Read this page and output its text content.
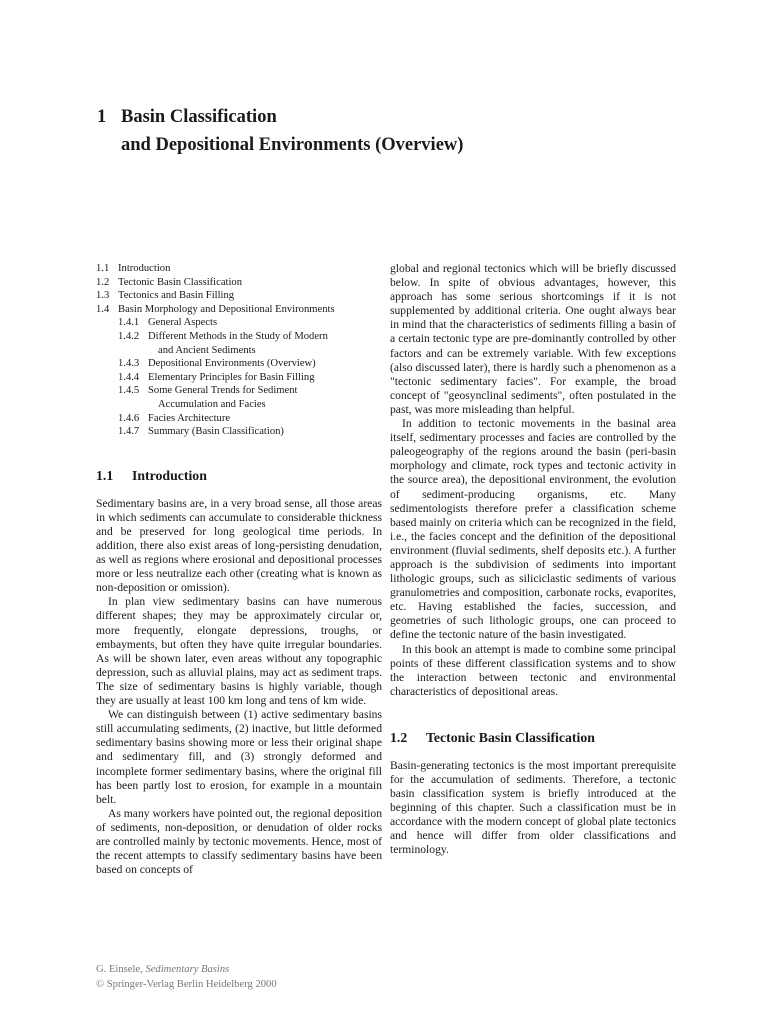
1 Basin Classification
and Depositional Environments (Overview)
1.1 Introduction
1.2 Tectonic Basin Classification
1.3 Tectonics and Basin Filling
1.4 Basin Morphology and Depositional Environments
1.4.1 General Aspects
1.4.2 Different Methods in the Study of Modern
and Ancient Sediments
1.4.3 Depositional Environments (Overview)
1.4.4 Elementary Principles for Basin Filling
1.4.5 Some General Trends for Sediment
Accumulation and Facies
1.4.6 Facies Architecture
1.4.7 Summary (Basin Classification)
1.1 Introduction

Sedimentary basins are, in a very broad sense, all those areas in which sediments can accumulate to considerable thickness and be preserved for long geological time periods. In addition, there also exist areas of long-persisting denudation, as well as regions where erosional and depositional processes more or less neutralize each other (creating what is known as non-deposition or omission).

In plan view sedimentary basins can have numerous different shapes; they may be approximately circular or, more frequently, elongate depressions, troughs, or embayments, but often they have quite irregular boundaries. As will be shown later, even areas without any topographic depression, such as alluvial plains, may act as sediment traps. The size of sedimentary basins is highly variable, though they are usually at least 100 km long and tens of km wide.

We can distinguish between (1) active sedimentary basins still accumulating sediments, (2) inactive, but little deformed sedimentary basins showing more or less their original shape and sedimentary fill, and (3) strongly deformed and incomplete former sedimentary basins, where the original fill has been partly lost to erosion, for example in a mountain belt.

As many workers have pointed out, the regional deposition of sediments, non-deposition, or denudation of older rocks are controlled mainly by tectonic movements. Hence, most of the recent attempts to classify sedimentary basins have been based on concepts of

global and regional tectonics which will be briefly discussed below. In spite of obvious advantages, however, this approach has some serious shortcomings if it is not supplemented by additional criteria. One ought always bear in mind that the characteristics of sediments filling a basin of a certain tectonic type are pre-dominantly controlled by other factors and can be extremely variable. With few exceptions (also discussed later), there is hardly such a phenomenon as a "tectonic sedimentary facies". For example, the broad concept of "geosynclinal sediments", often postulated in the past, was more misleading than helpful.

In addition to tectonic movements in the basinal area itself, sedimentary processes and facies are controlled by the paleogeography of the regions around the basin (peri-basin morphology and climate, rock types and tectonic activity in the source area), the depositional environment, the evolution of sediment-producing organisms, etc. Many sedimentologists therefore prefer a classification scheme based mainly on criteria which can be recognized in the field, i.e., the facies concept and the definition of the depositional environment (fluvial sediments, shelf deposits etc.). A further approach is the subdivision of sediments into important lithologic groups, such as siliciclastic sediments of various granulometries and composition, carbonate rocks, evaporites, etc. Having established the facies, succession, and geometries of such lithologic groups, one can proceed to define the tectonic nature of the basin investigated.

In this book an attempt is made to combine some principal points of these different classification systems and to show the interaction between tectonic and environmental characteristics of depositional areas.

1.2 Tectonic Basin Classification

Basin-generating tectonics is the most important prerequisite for the accumulation of sediments. Therefore, a tectonic basin classification system is briefly introduced at the beginning of this chapter. Such a classification must be in accordance with the modern concept of global plate tectonics and hence will differ from older classifications and terminology.

G. Einsele, Sedimentary Basins
© Springer-Verlag Berlin Heidelberg 2000
